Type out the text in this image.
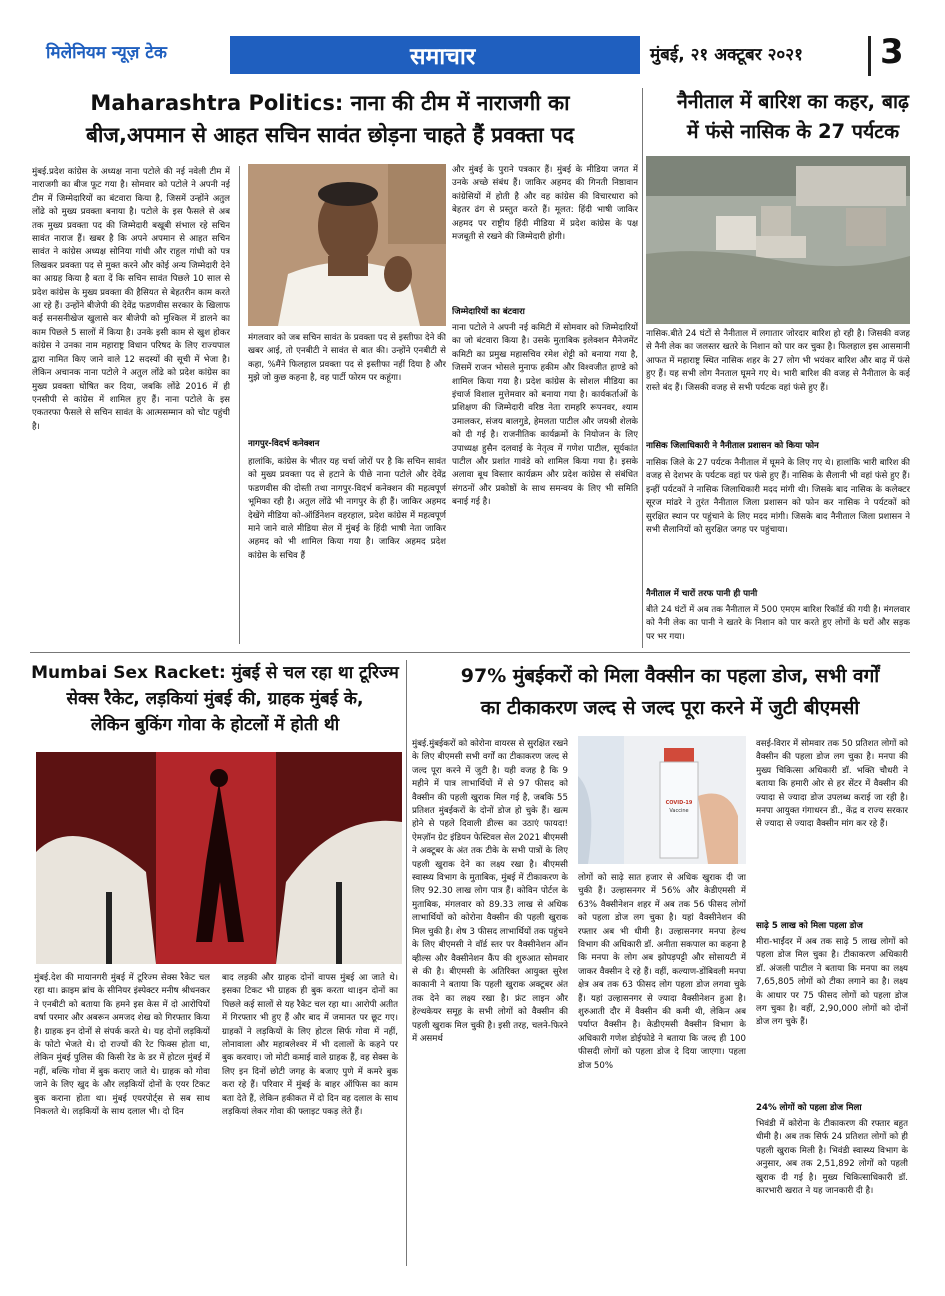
मिलेनियम न्यूज़ टेक	समाचार	मुंबई, २१ अक्टूबर २०२१ 3
Maharashtra Politics: नाना की टीम में नाराजगी का
बीज,अपमान से आहत सचिन सावंत छोड़ना चाहते हैं प्रवक्ता पद
मुंबई.प्रदेश कांग्रेस के अध्यक्ष नाना पटोले की नई नवेली टीम में नाराजगी का बीज फूट गया है। सोमवार को पटोले ने अपनी नई टीम में जिम्मेदारियों का बंटवारा किया है, जिसमें उन्होंने अतुल लोंढे को मुख्य प्रवक्ता बनाया है। पटोले के इस फैसले से अब तक मुख्य प्रवक्ता पद की जिम्मेदारी बखूबी संभाल रहे सचिन सावंत नाराज हैं। खबर है कि अपने अपमान से आहत सचिन सावंत ने कांग्रेस अध्यक्ष सोनिया गांधी और राहुल गांधी को पत्र लिखकर प्रवक्ता पद से मुक्त करने और कोई अन्य जिम्मेदारी देने का आग्रह किया है बता दें कि सचिन सावंत पिछले 10 साल से प्रदेश कांग्रेस के मुख्य प्रवक्ता की हैसियत से बेहतरीन काम करते आ रहे हैं। उन्होंने बीजेपी की देवेंद्र फडणवीस सरकार के खिलाफ कई सनसनीखेज खुलासे कर बीजेपी को मुश्किल में डालने का काम पिछले 5 सालों में किया है। उनके इसी काम से खुश होकर कांग्रेस ने उनका नाम महाराष्ट्र विधान परिषद के लिए राज्यपाल द्वारा नामित किए जाने वाले 12 सदस्यों की सूची में भेजा है। लेकिन अचानक नाना पटोले ने अतुल लोंढे को प्रदेश कांग्रेस का मुख्य प्रवक्ता घोषित कर दिया, जबकि लोंढे 2016 में ही एनसीपी से कांग्रेस में शामिल हुए हैं। नाना पटोले के इस एकतरफा फैसले से सचिन सावंत के आत्मसम्मान को चोट पहुंची है।
मंगलवार को जब सचिन सावंत के प्रवक्ता पद से इस्तीफा देने की खबर आई, तो एनबीटी ने सावंत से बात की। उन्होंने एनबीटी से कहा, %मैंने फिलहाल प्रवक्ता पद से इस्तीफा नहीं दिया है और मुझे जो कुछ कहना है, वह पार्टी फोरम पर कहूंगा।
नागपुर-विदर्भ कनेक्शन
हालांकि, कांग्रेस के भीतर यह चर्चा जोरों पर है कि सचिन सावंत को मुख्य प्रवक्ता पद से हटाने के पीछे नाना पटोले और देवेंद्र फडणवीस की दोस्ती तथा नागपुर-विदर्भ कनेक्शन की महत्वपूर्ण भूमिका रही है। अतुल लोंढे भी नागपुर के ही हैं। जाकिर अहमद देखेंगे मीडिया को-ऑर्डिनेशन वहरहाल, प्रदेश कांग्रेस में महत्वपूर्ण माने जाने वाले मीडिया सेल में मुंबई के हिंदी भाषी नेता जाकिर अहमद को भी शामिल किया गया है। जाकिर अहमद प्रदेश कांग्रेस के सचिव हैं
और मुंबई के पुराने पत्रकार हैं। मुंबई के मीडिया जगत में उनके अच्छे संबंध हैं। जाकिर अहमद की गिनती निष्ठावान कांग्रेसियों में होती है और वह कांग्रेस की विचारधारा को बेहतर ढंग से प्रस्तुत करते हैं। मूलत: हिंदी भाषी जाकिर अहमद पर राष्ट्रीय हिंदी मीडिया में प्रदेश कांग्रेस के पक्ष मजबूती से रखने की जिम्मेदारी होगी।
जिम्मेदारियों का बंटवारा
नाना पटोले ने अपनी नई कमिटी में सोमवार को जिम्मेदारियों का जो बंटवारा किया है। उसके मुताबिक इलेक्शन मैनेजमेंट कमिटी का प्रमुख महासचिव रमेश शेट्टी को बनाया गया है, जिसमें राजन भोसले मुनाफ हकीम और विश्वजीत हाण्डे को शामिल किया गया है। प्रदेश कांग्रेस के सोशल मीडिया का इंचार्ज विशाल मुत्तेमवार को बनाया गया है। कार्यकर्ताओं के प्रशिक्षण की जिम्मेदारी वरिष्ठ नेता रामहरि रूपनवर, श्याम उमालकर, संजय बालगुडे, हेमलता पाटील और जयश्री शेलके को दी गई है। राजनीतिक कार्यक्रमों के नियोजन के लिए उपाध्यक्ष हुसैन दलवाई के नेतृत्व में गणेश पाटील, सूर्यकांत पाटील और प्रशांत गावंडे को शामिल किया गया है। इसके अलावा बूथ विस्तार कार्यक्रम और प्रदेश कांग्रेस से संबंधित संगठनों और प्रकोष्ठों के साथ समन्वय के लिए भी समिति बनाई गई है।
नैनीताल में बारिश का कहर, बाढ़
में फंसे नासिक के 27 पर्यटक
नासिक.बीते 24 घंटों से नैनीताल में लगातार जोरदार बारिश हो रही है। जिसकी वजह से नैनी लेक का जलस्तर खतरे के निशान को पार कर चुका है। फिलहाल इस आसमानी आफत में महाराष्ट्र स्थित नासिक शहर के 27 लोग भी भयंकर बारिश और बाढ़ में फंसे हुए हैं। यह सभी लोग नैनताल घूमने गए थे। भारी बारिश की वजह से नैनीताल के कई रास्ते बंद हैं। जिसकी वजह से सभी पर्यटक वहां फंसे हुए हैं।
नासिक जिलाधिकारी ने नैनीताल प्रशासन को किया फोन
नासिक जिले के 27 पर्यटक नैनीताल में घूमने के लिए गए थे। हालांकि भारी बारिश की वजह से देशभर के पर्यटक वहां पर फंसे हुए हैं। नासिक के सैलानी भी वहां फंसे हुए हैं। इन्हीं पर्यटकों ने नासिक जिलाधिकारी मदद मांगी थी। जिसके बाद नासिक के कलेक्टर सूरज मांढरे ने तुरंत नैनीताल जिला प्रशासन को फोन कर नासिक ने पर्यटकों को सुरक्षित स्थान पर पहुंचाने के लिए मदद मांगी। जिसके बाद नैनीताल जिला प्रशासन ने सभी सैलानियों को सुरक्षित जगह पर पहुंचाया।
नैनीताल में चारों तरफ पानी ही पानी
बीते 24 घंटों में अब तक नैनीताल में 500 एमएम बारिश रिकॉर्ड की गयी है। मंगलवार को नैनी लेक का पानी ने खतरे के निशान को पार करते हुए लोगों के घरों और सड़क पर भर गया।
Mumbai Sex Racket: मुंबई से चल रहा था टूरिज्म
सेक्स रैकेट, लड़कियां मुंबई की, ग्राहक मुंबई के,
लेकिन बुकिंग गोवा के होटलों में होती थी
मुंबई.देश की मायानगरी मुंबई में टूरिज्म सेक्स रैकेट चल रहा था। क्राइम ब्रांच के सीनियर इंस्पेक्टर मनीष श्रीधनकर ने एनबीटी को बताया कि हमने इस केस में दो आरोपियों वर्षा परमार और अबरून अमजद शेख को गिरफ्तार किया है। ग्राहक इन दोनों से संपर्क करते थे। यह दोनों लड़कियों के फोटो भेजते थे। दो राज्यों की रेट फिक्स होता था, लेकिन मुंबई पुलिस की किसी रेड के डर में होटल मुंबई में नहीं, बल्कि गोवा में बुक कराए जाते थे। ग्राहक को गोवा जाने के लिए खुद के और लड़कियों दोनों के एयर टिकट बुक कराना होता था। मुंबई एयरपोर्ट्स से सब साथ निकलते थे। लड़कियों के साथ दलाल भी। दो दिन
बाद लड़की और ग्राहक दोनों वापस मुंबई आ जाते थे। इसका टिकट भी ग्राहक ही बुक करता था।इन दोनों का पिछले कई सालों से यह रैकेट चल रहा था। आरोपी अतीत में गिरफ्तार भी हुए हैं और बाद में जमानत पर छूट गए। ग्राहकों ने लड़कियों के लिए होटल सिर्फ गोवा में नहीं, लोनावाला और महाबलेश्वर में भी दलालों के कहने पर बुक करवाए। जो मोटी कमाई वाले ग्राहक हैं, वह सेक्स के लिए इन दिनों छोटी जगह के बजाए पुणे में कमरे बुक करा रहे हैं। परिवार में मुंबई के बाहर ऑफिस का काम बता देते हैं, लेकिन हकीकत में दो दिन वह दलाल के साथ लड़कियां लेकर गोवा की फ्लाइट पकड़ लेते हैं।
97% मुंबईकरों को मिला वैक्सीन का पहला डोज, सभी वर्गों
का टीकाकरण जल्द से जल्द पूरा करने में जुटी बीएमसी
मुंबई.मुंबईकरों को कोरोना वायरस से सुरक्षित रखने के लिए बीएमसी सभी वर्गों का टीकाकरण जल्द से जल्द पूरा करने में जुटी है। यही वजह है कि 9 महीने में पात्र लाभार्थियों में से 97 फीसद को वैक्सीन की पहली खुराक मिल गई है, जबकि 55 प्रतिशत मुंबईकरों के दोनों डोज हो चुके हैं। खत्म होने से पहले दिवाली डील्स का उठाएं फायदा! ऐमज़ॉन ग्रेट इंडियन फेस्टिवल सेल 2021 बीएमसी ने अक्टूबर के अंत तक टीके के सभी पात्रों के लिए पहली खुराक देने का लक्ष्य रखा है। बीएमसी स्वास्थ्य विभाग के मुताबिक, मुंबई में टीकाकरण के लिए 92.30 लाख लोग पात्र हैं। कोविन पोर्टल के मुताबिक, मंगलवार को 89.33 लाख से अधिक लाभार्थियों को कोरोना वैक्सीन की पहली खुराक मिल चुकी है। शेष 3 फीसद लाभार्थियों तक पहुंचने के लिए बीएमसी ने वॉर्ड स्तर पर वैक्सीनेशन ऑन व्हील्स और वैक्सीनेशन कैंप की शुरुआत सोमवार से की है। बीएमसी के अतिरिक्त आयुक्त सुरेश काकानी ने बताया कि पहली खुराक अक्टूबर अंत तक देने का लक्ष्य रखा है। फ्रंट लाइन और हेल्थकेयर समूह के सभी लोगों को वैक्सीन की पहली खुराक मिल चुकी है। इसी तरह, चलने-फिरने में असमर्थ
COVID-19
Vaccine
लोगों को साढ़े सात हजार से अधिक खुराक दी जा चुकी हैं। उल्हासनगर में 56% और केडीएमसी में 63% वैक्सीनेशन शहर में अब तक 56 फीसद लोगों को पहला डोज लग चुका है। यहां वैक्सीनेशन की रफ्तार अब भी धीमी है। उल्हासनगर मनपा हेल्थ विभाग की अधिकारी डॉ. अनीता सकपाल का कहना है कि मनपा के लोग अब झोपड़पट्टी और सोसायटी में जाकर वैक्सीन दे रहे हैं। वहीं, कल्याण-डोंबिवली मनपा क्षेत्र अब तक 63 फीसद लोग पहला डोज लगवा चुके हैं। यहां उल्हासनगर से ज्यादा वैक्सीनेशन हुआ है। शुरुआती दौर में वैक्सीन की कमी थी, लेकिन अब पर्याप्त वैक्सीन है। केडीएमसी वैक्सीन विभाग के अधिकारी गणेश डोईफोडे ने बताया कि जल्द ही 100 फीसदी लोगों को पहला डोज दे दिया जाएगा। पहला डोज 50%
वसई-विरार में सोमवार तक 50 प्रतिशत लोगों को वैक्सीन की पहला डोज लग चुका है। मनपा की मुख्य चिकित्सा अधिकारी डॉ. भक्ति चौधरी ने बताया कि हमारी ओर से हर सेंटर में वैक्सीन की ज्यादा से ज्यादा डोज उपलब्ध कराई जा रही है। मनपा आयुक्त गंगाधरन डी., केंद्र व राज्य सरकार से ज्यादा से ज्यादा वैक्सीन मांग कर रहे हैं।
साढ़े 5 लाख को मिला पहला डोज
मीरा-भाईंदर में अब तक साढ़े 5 लाख लोगों को पहला डोज मिल चुका है। टीकाकरण अधिकारी डॉ. अंजली पाटील ने बताया कि मनपा का लक्ष्य 7,65,805 लोगों को टीका लगाने का है। लक्ष्य के आधार पर 75 फीसद लोगों को पहला डोज लग चुका है। वहीं, 2,90,000 लोगों को दोनों डोज लग चुके हैं।
24% लोगों को पहला डोज मिला
भिवंडी में कोरोना के टीकाकरण की रफ्तार बहुत धीमी है। अब तक सिर्फ 24 प्रतिशत लोगों को ही पहली खुराक मिली है। भिवंडी स्वास्थ्य विभाग के अनुसार, अब तक 2,51,892 लोगों को पहली खुराक दी गई है। मुख्य चिकित्साधिकारी डॉ. कारभारी खरात ने यह जानकारी दी है।
